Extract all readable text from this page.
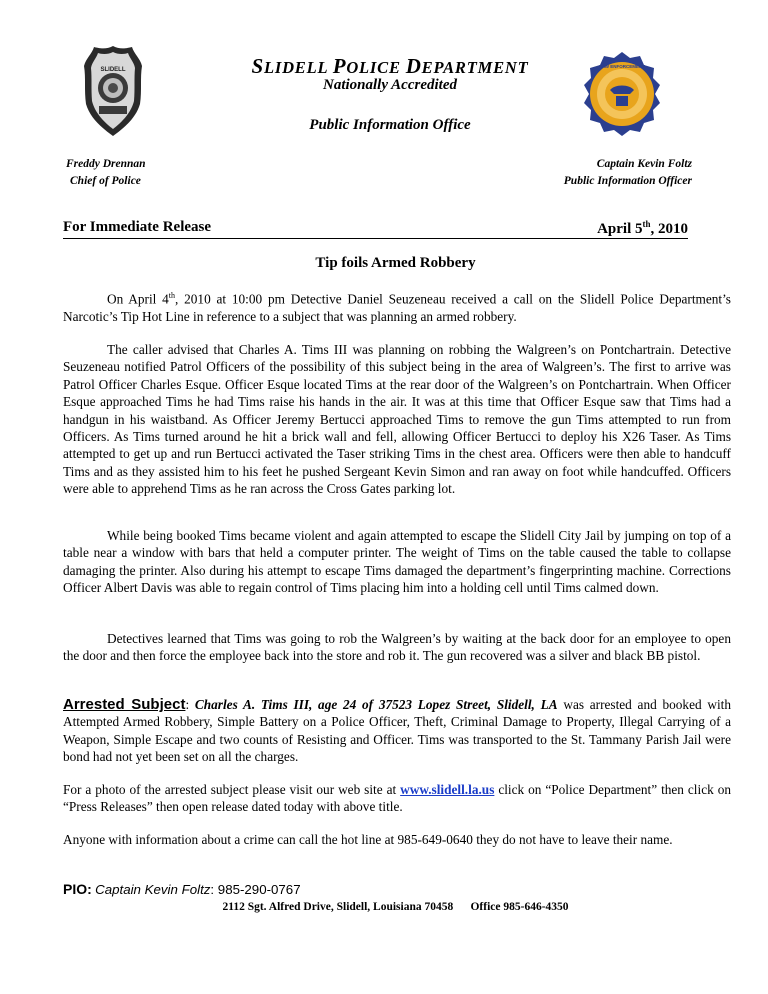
SLIDELL
LAW ENFORCEMENT
SLIDELL POLICE DEPARTMENT
Nationally Accredited
Public Information Office
Freddy Drennan
Chief of Police
Captain Kevin Foltz
Public Information Officer
For Immediate Release	April 5th, 2010
Tip foils Armed Robbery

On April 4th, 2010 at 10:00 pm Detective Daniel Seuzeneau received a call on the Slidell Police Department’s Narcotic’s Tip Hot Line in reference to a subject that was planning an armed robbery.

The caller advised that Charles A. Tims III was planning on robbing the Walgreen’s on Pontchartrain. Detective Seuzeneau notified Patrol Officers of the possibility of this subject being in the area of Walgreen’s. The first to arrive was Patrol Officer Charles Esque. Officer Esque located Tims at the rear door of the Walgreen’s on Pontchartrain. When Officer Esque approached Tims he had Tims raise his hands in the air. It was at this time that Officer Esque saw that Tims had a handgun in his waistband. As Officer Jeremy Bertucci approached Tims to remove the gun Tims attempted to run from Officers. As Tims turned around he hit a brick wall and fell, allowing Officer Bertucci to deploy his X26 Taser. As Tims attempted to get up and run Bertucci activated the Taser striking Tims in the chest area. Officers were then able to handcuff Tims and as they assisted him to his feet he pushed Sergeant Kevin Simon and ran away on foot while handcuffed. Officers were able to apprehend Tims as he ran across the Cross Gates parking lot.

While being booked Tims became violent and again attempted to escape the Slidell City Jail by jumping on top of a table near a window with bars that held a computer printer. The weight of Tims on the table caused the table to collapse damaging the printer. Also during his attempt to escape Tims damaged the department’s fingerprinting machine. Corrections Officer Albert Davis was able to regain control of Tims placing him into a holding cell until Tims calmed down.

Detectives learned that Tims was going to rob the Walgreen’s by waiting at the back door for an employee to open the door and then force the employee back into the store and rob it. The gun recovered was a silver and black BB pistol.

Arrested Subject: Charles A. Tims III, age 24 of 37523 Lopez Street, Slidell, LA was arrested and booked with Attempted Armed Robbery, Simple Battery on a Police Officer, Theft, Criminal Damage to Property, Illegal Carrying of a Weapon, Simple Escape and two counts of Resisting and Officer. Tims was transported to the St. Tammany Parish Jail were bond had not yet been set on all the charges.

For a photo of the arrested subject please visit our web site at www.slidell.la.us click on “Police Department” then click on “Press Releases” then open release dated today with above title.

Anyone with information about a crime can call the hot line at 985-649-0640 they do not have to leave their name.

PIO: Captain Kevin Foltz: 985-290-0767
2112 Sgt. Alfred Drive, Slidell, Louisiana 70458      Office 985-646-4350
